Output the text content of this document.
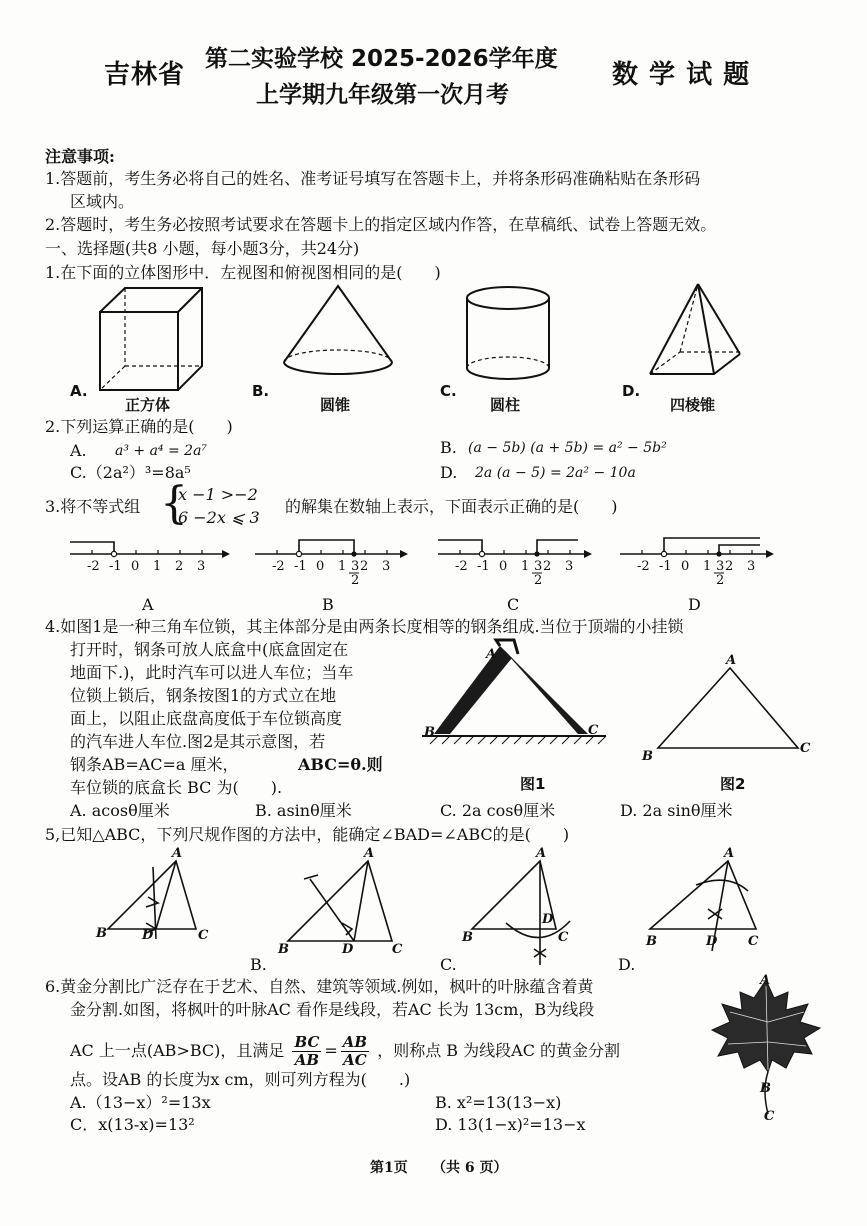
吉林省
第二实验学校 2025-2026学年度
上学期九年级第一次月考
数 学 试 题
注意事项:
1.答题前，考生务必将自己的姓名、准考证号填写在答题卡上，并将条形码准确粘贴在条形码
区域内。
2.答题时，考生务必按照考试要求在答题卡上的指定区域内作答，在草稿纸、试卷上答题无效。
一、选择题(共8 小题，每小题3分，共24分)
1.在下面的立体图形中．左视图和俯视图相同的是(　　)
A.
正方体
B.
圆锥
C.
圆柱
D.
四棱锥
2.下列运算正确的是(　　)
A. a³ + a⁴ = 2a⁷	B. (a − 5b) (a + 5b) = a² − 5b²
C.（2a²）³=8a⁵	D. 2a (a − 5) = 2a² − 10a
3.将不等式组 {
x −1 >−2
6 −2x ⩽ 3
的解集在数轴上表示，下面表示正确的是(　　)
-2 -1 0 1 2 3	-2 -1 0 1 2 3
3
2
-2 -1 0 1 2 3
3
2
-2 -1 0 1 2 3
3
2
A	B	C	D
4.如图1是一种三角车位锁，其主体部分是由两条长度相等的钢条组成.当位于顶端的小挂锁
打开时，钢条可放人底盒中(底盒固定在
地面下.)，此时汽车可以进人车位；当车
位锁上锁后，钢条按图1的方式立在地
面上，以阻止底盘高度低于车位锁高度
的汽车进人车位.图2是其示意图，若
钢条AB=AC=a 厘米，	ABC=θ.则
车位锁的底盒长 BC 为(　　).
A
B	C
图1
A
B
C
图2
A. acosθ厘米	B. asinθ厘米	C. 2a cosθ厘米	D. 2a sinθ厘米
5,已知△ABC，下列尺规作图的方法中，能确定∠BAD=∠ABC的是(　　)
A
B	C
D
A
B	C
D
A
B	C
D
A
B	C
D
B.	C.	D.
6.黄金分割比广泛存在于艺术、自然、建筑等领域.例如，枫叶的叶脉蕴含着黄
金分割.如图，将枫叶的叶脉AC 看作是线段，若AC 长为 13cm，B为线段
AC 上一点(AB>BC)，且满足 $\frac{BC}{AB} = \frac{AB}{AC}$ ，则称点 B 为线段AC 的黄金分割
点。设AB 的长度为x cm，则可列方程为(　　.)
A.（13−x）²=13x	B. x²=13(13−x)
C．x(13-x)=13²	D. 13(1−x)²=13−x
A
B
C
第1页 （共 6 页）
